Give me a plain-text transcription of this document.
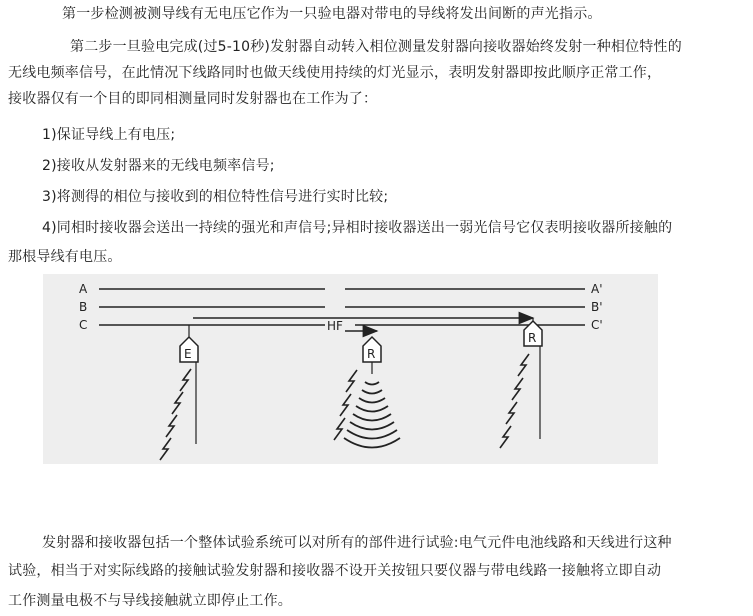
第一步检测被测导线有无电压它作为一只验电器对带电的导线将发出间断的声光指示。
第二步一旦验电完成(过5-10秒)发射器自动转入相位测量发射器向接收器始终发射一种相位特性的
无线电频率信号，在此情况下线路同时也做天线使用持续的灯光显示，表明发射器即按此顺序正常工作，
接收器仅有一个目的即同相测量同时发射器也在工作为了：
1)保证导线上有电压;
2)接收从发射器来的无线电频率信号;
3)将测得的相位与接收到的相位特性信号进行实时比较;
4)同相时接收器会送出一持续的强光和声信号;异相时接收器送出一弱光信号它仅表明接收器所接触的
那根导线有电压。
A
B
C
A'
B'
C'
HF
E	R
R
发射器和接收器包括一个整体试验系统可以对所有的部件进行试验:电气元件电池线路和天线进行这种
试验，相当于对实际线路的接触试验发射器和接收器不设开关按钮只要仪器与带电线路一接触将立即自动
工作测量电极不与导线接触就立即停止工作。
